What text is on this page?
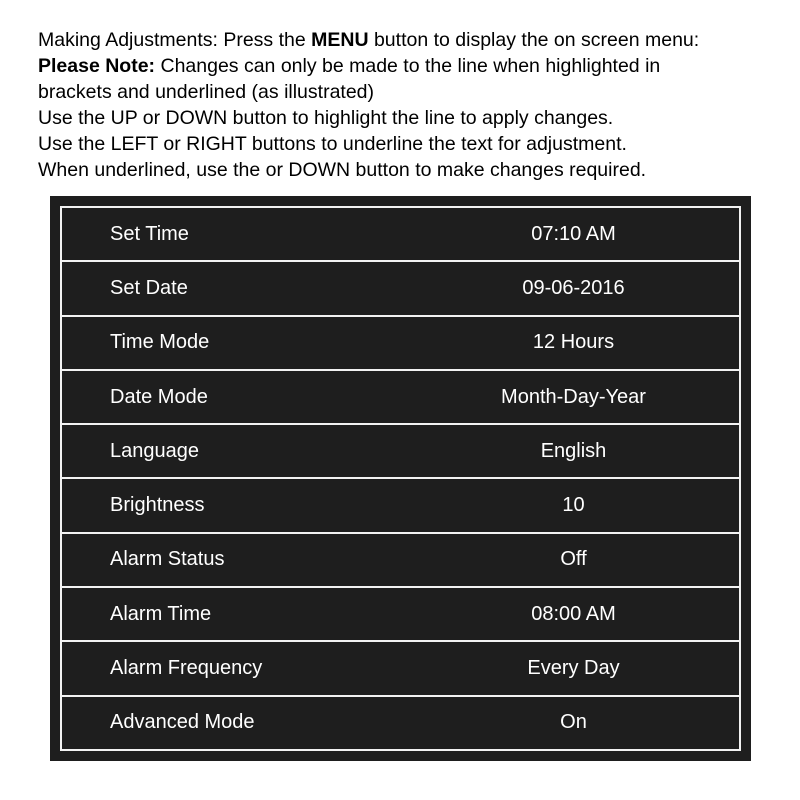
Making Adjustments: Press the MENU button to display the on screen menu:
Please Note: Changes can only be made to the line when highlighted in
brackets and underlined (as illustrated)
Use the UP or DOWN button to highlight the line to apply changes.
Use the LEFT or RIGHT buttons to underline the text for adjustment.
When underlined, use the or DOWN button to make changes required.
Set Time	07:10 AM
Set Date	09-06-2016
Time Mode	12 Hours
Date Mode	Month-Day-Year
Language	English
Brightness	10
Alarm Status	Off
Alarm Time	08:00 AM
Alarm Frequency	Every Day
Advanced Mode	On
